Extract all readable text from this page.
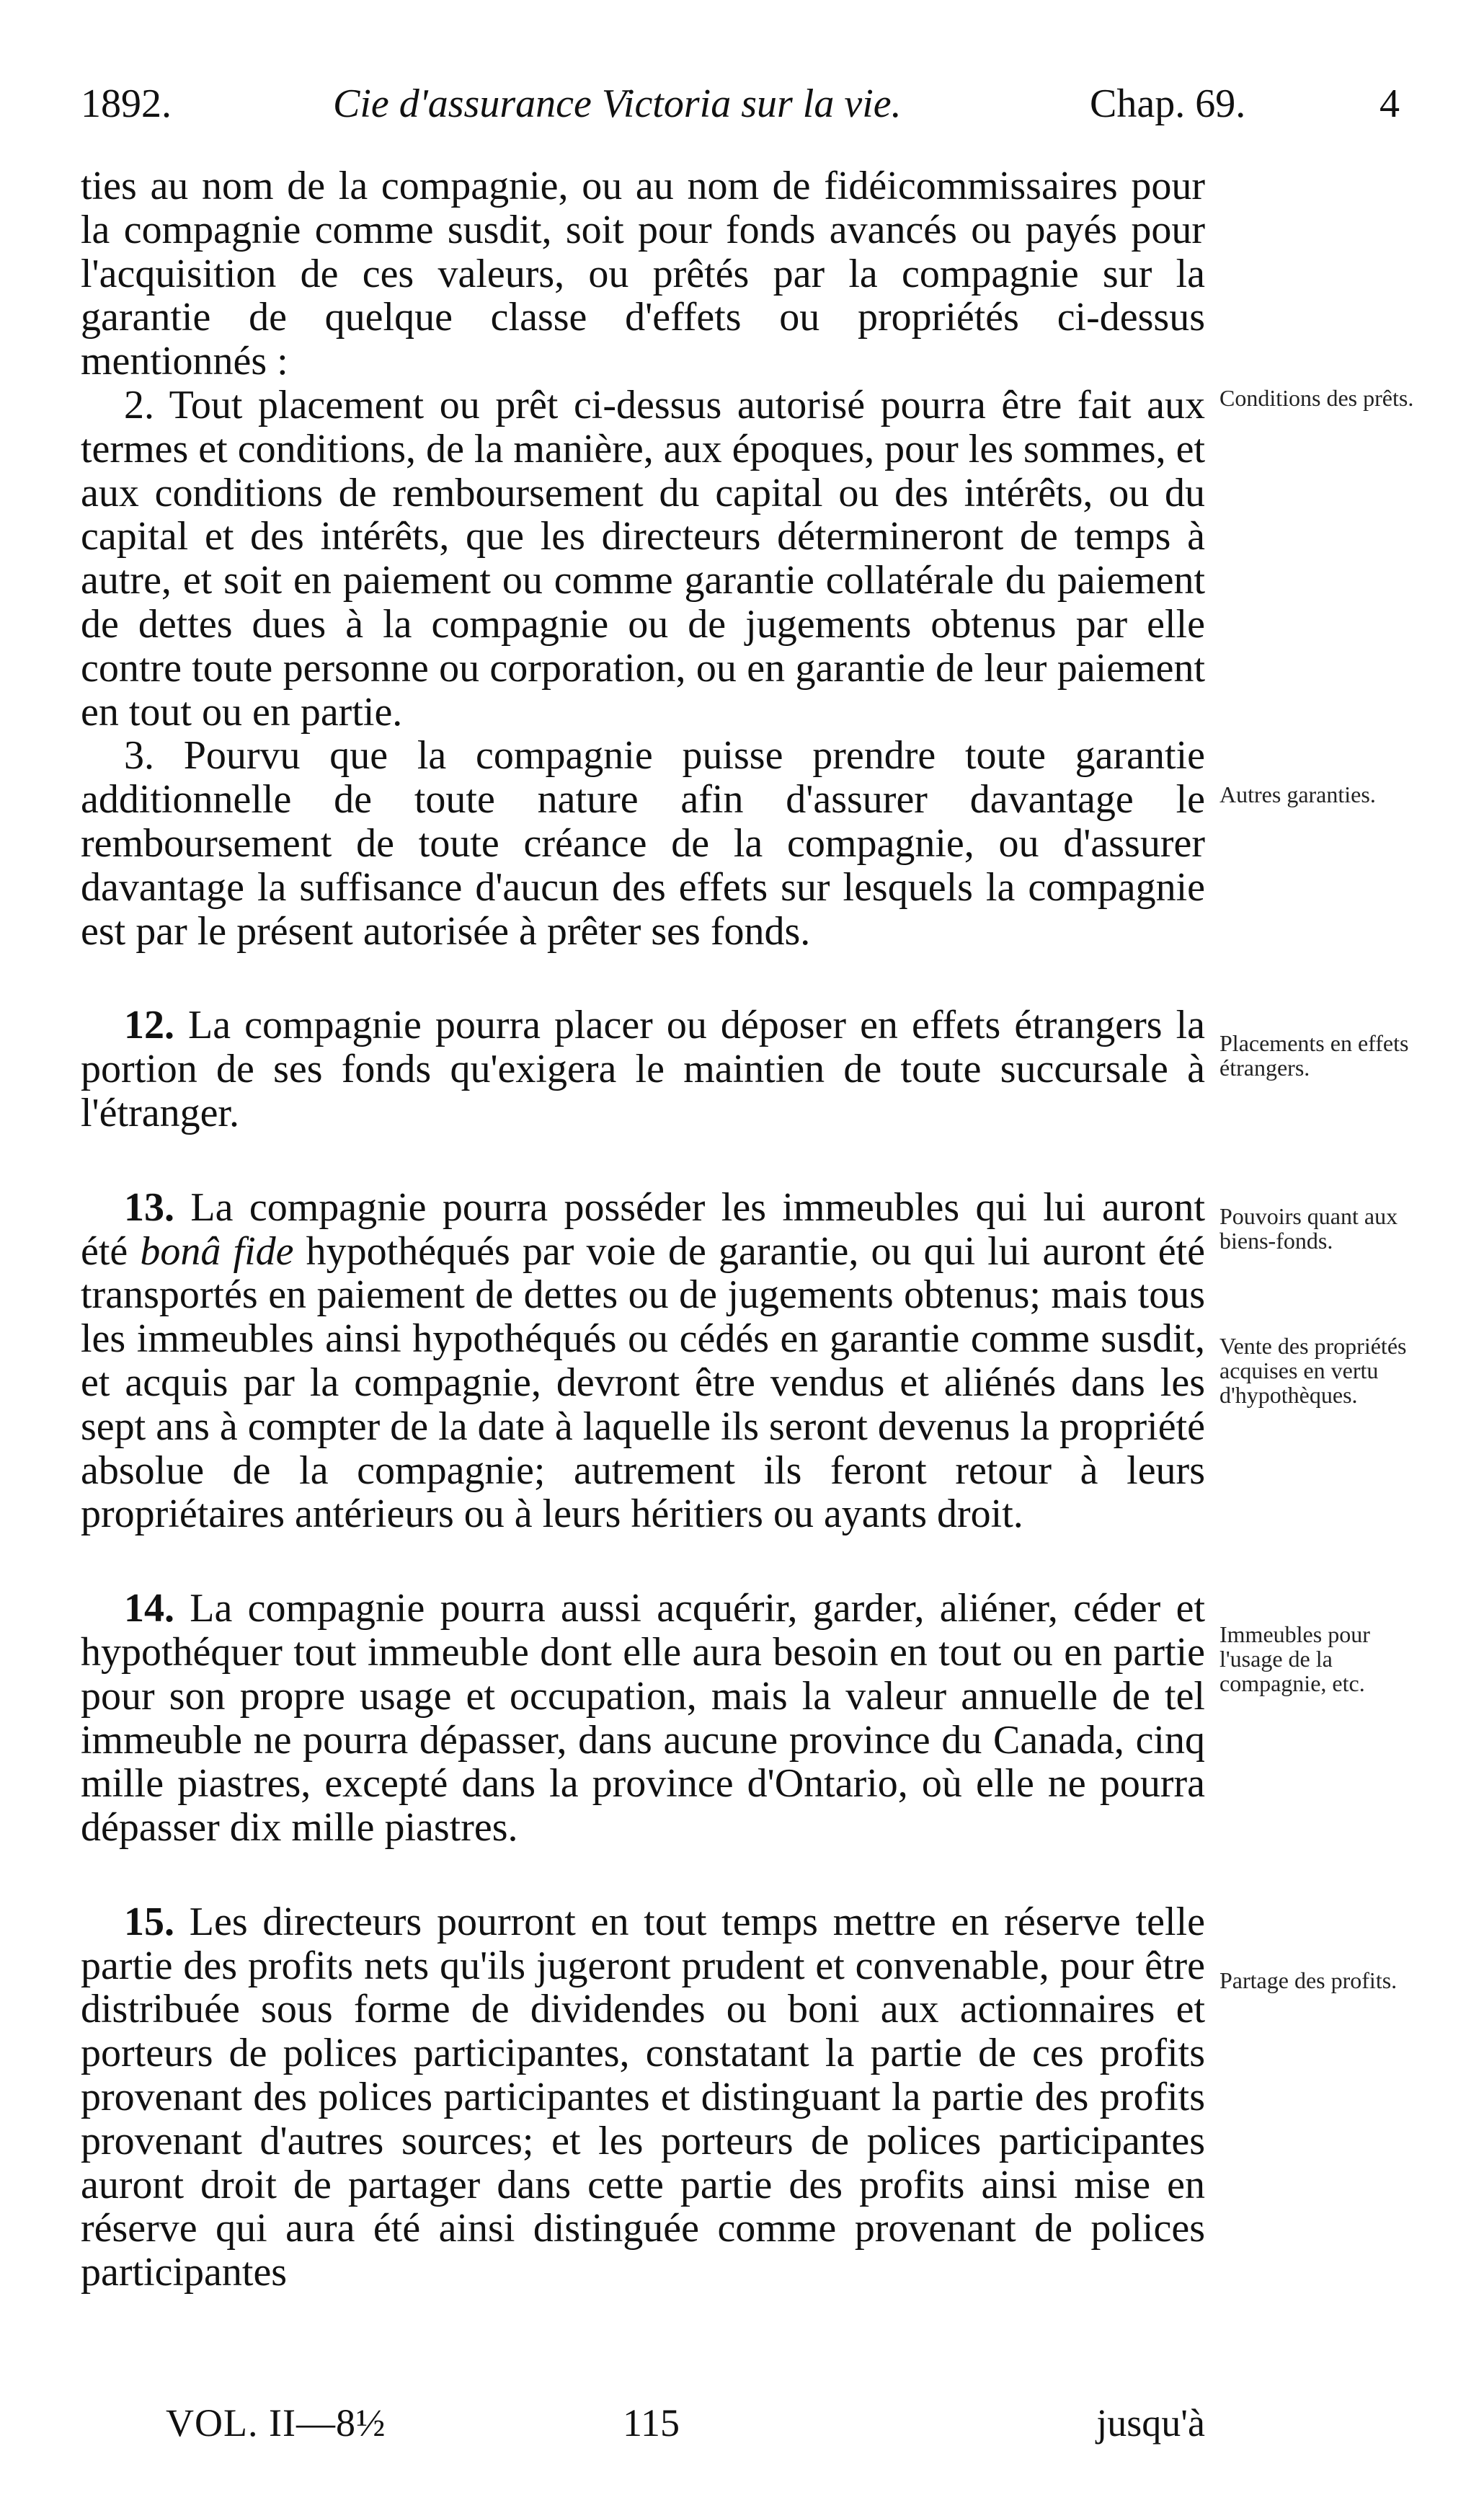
1892.	Cie d'assurance Victoria sur la vie.	Chap. 69.	4

ties au nom de la compagnie, ou au nom de fidéicommissaires pour la compagnie comme susdit, soit pour fonds avancés ou payés pour l'acquisition de ces valeurs, ou prêtés par la compagnie sur la garantie de quelque classe d'effets ou propriétés ci-dessus mentionnés :

2. Tout placement ou prêt ci-dessus autorisé pourra être fait aux termes et conditions, de la manière, aux époques, pour les sommes, et aux conditions de remboursement du capital ou des intérêts, ou du capital et des intérêts, que les directeurs détermineront de temps à autre, et soit en paiement ou comme garantie collatérale du paiement de dettes dues à la compagnie ou de jugements obtenus par elle contre toute personne ou corporation, ou en garantie de leur paiement en tout ou en partie.

3. Pourvu que la compagnie puisse prendre toute garantie additionnelle de toute nature afin d'assurer davantage le remboursement de toute créance de la compagnie, ou d'assurer davantage la suffisance d'aucun des effets sur lesquels la compagnie est par le présent autorisée à prêter ses fonds.

12. La compagnie pourra placer ou déposer en effets étrangers la portion de ses fonds qu'exigera le maintien de toute succursale à l'étranger.

13. La compagnie pourra posséder les immeubles qui lui auront été bonâ fide hypothéqués par voie de garantie, ou qui lui auront été transportés en paiement de dettes ou de jugements obtenus; mais tous les immeubles ainsi hypothéqués ou cédés en garantie comme susdit, et acquis par la compagnie, devront être vendus et aliénés dans les sept ans à compter de la date à laquelle ils seront devenus la propriété absolue de la compagnie; autrement ils feront retour à leurs propriétaires antérieurs ou à leurs héritiers ou ayants droit.

14. La compagnie pourra aussi acquérir, garder, aliéner, céder et hypothéquer tout immeuble dont elle aura besoin en tout ou en partie pour son propre usage et occupation, mais la valeur annuelle de tel immeuble ne pourra dépasser, dans aucune province du Canada, cinq mille piastres, excepté dans la province d'Ontario, où elle ne pourra dépasser dix mille piastres.

15. Les directeurs pourront en tout temps mettre en réserve telle partie des profits nets qu'ils jugeront prudent et convenable, pour être distribuée sous forme de dividendes ou boni aux actionnaires et porteurs de polices participantes, constatant la partie de ces profits provenant des polices participantes et distinguant la partie des profits provenant d'autres sources; et les porteurs de polices participantes auront droit de partager dans cette partie des profits ainsi mise en réserve qui aura été ainsi distinguée comme provenant de polices participantes

Conditions des prêts.
Autres garanties.
Placements en effets étrangers.
Pouvoirs quant aux biens-fonds.
Vente des propriétés acquises en vertu d'hypothèques.
Immeubles pour l'usage de la compagnie, etc.
Partage des profits.
VOL. II—8½	115	jusqu'à
